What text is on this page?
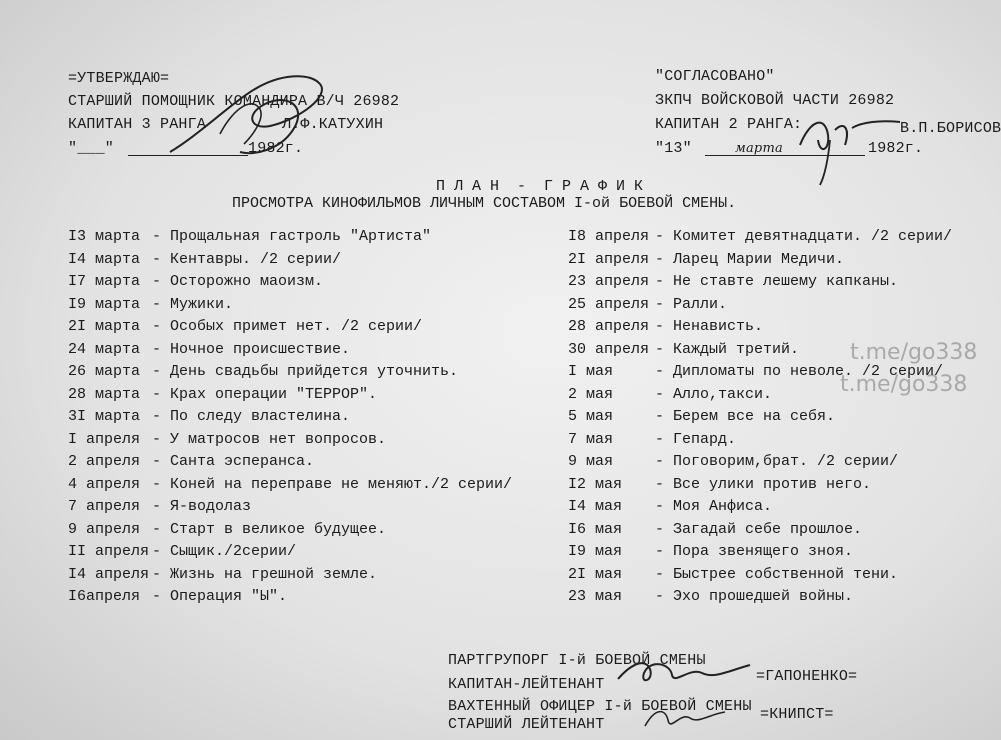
=УТВЕРЖДАЮ=
СТАРШИЙ ПОМОЩНИК КОМАНДИРА В/Ч 26982
КАПИТАН 3 РАНГА	Л.Ф.КАТУХИН
"___"	1982г.
"СОГЛАСОВАНО"
ЗКПЧ ВОЙСКОВОЙ ЧАСТИ 26982
КАПИТАН 2 РАНГА:	В.П.БОРИСОВ
"13"	марта	1982г.
П Л А Н  -  Г Р А Ф И К
ПРОСМОТРА КИНОФИЛЬМОВ ЛИЧНЫМ СОСТАВОМ I-ой БОЕВОЙ СМЕНЫ.
I3 марта - Прощальная гастроль "Артиста"
I4 марта - Кентавры. /2 серии/
I7 марта - Осторожно маоизм.
I9 марта - Мужики.
2I марта - Особых примет нет. /2 серии/
24 марта - Ночное происшествие.
26 марта - День свадьбы прийдется уточнить.
28 марта - Крах операции "ТЕРРОР".
3I марта - По следу властелина.
I апреля - У матросов нет вопросов.
2 апреля - Санта эсперанса.
4 апреля - Коней на переправе не меняют./2 серии/
7 апреля - Я-водолаз
9 апреля - Старт в великое будущее.
II апреля - Сыщик./2серии/
I4 апреля - Жизнь на грешной земле.
I6апреля - Операция "Ы".
I8 апреля - Комитет девятнадцати. /2 серии/
2I апреля - Ларец Марии Медичи.
23 апреля - Не ставте лешему капканы.
25 апреля - Ралли.
28 апреля - Ненависть.
30 апреля - Каждый третий.
I мая	- Дипломаты по неволе. /2 серии/
2 мая	- Алло,такси.
5 мая	- Берем все на себя.
7 мая	- Гепард.
9 мая	- Поговорим,брат. /2 серии/
I2 мая - Все улики против него.
I4 мая - Моя Анфиса.
I6 мая - Загадай себе прошлое.
I9 мая - Пора звенящего зноя.
2I мая - Быстрее собственной тени.
23 мая - Эхо прошедшей войны.
t.me/go338
t.me/go338
ПАРТГРУПОРГ I-й БОЕВОЙ СМЕНЫ
КАПИТАН-ЛЕЙТЕНАНТ	=ГАПОНЕНКО=
ВАХТЕННЫЙ ОФИЦЕР I-й БОЕВОЙ СМЕНЫ
СТАРШИЙ ЛЕЙТЕНАНТ
=КНИПСТ=
